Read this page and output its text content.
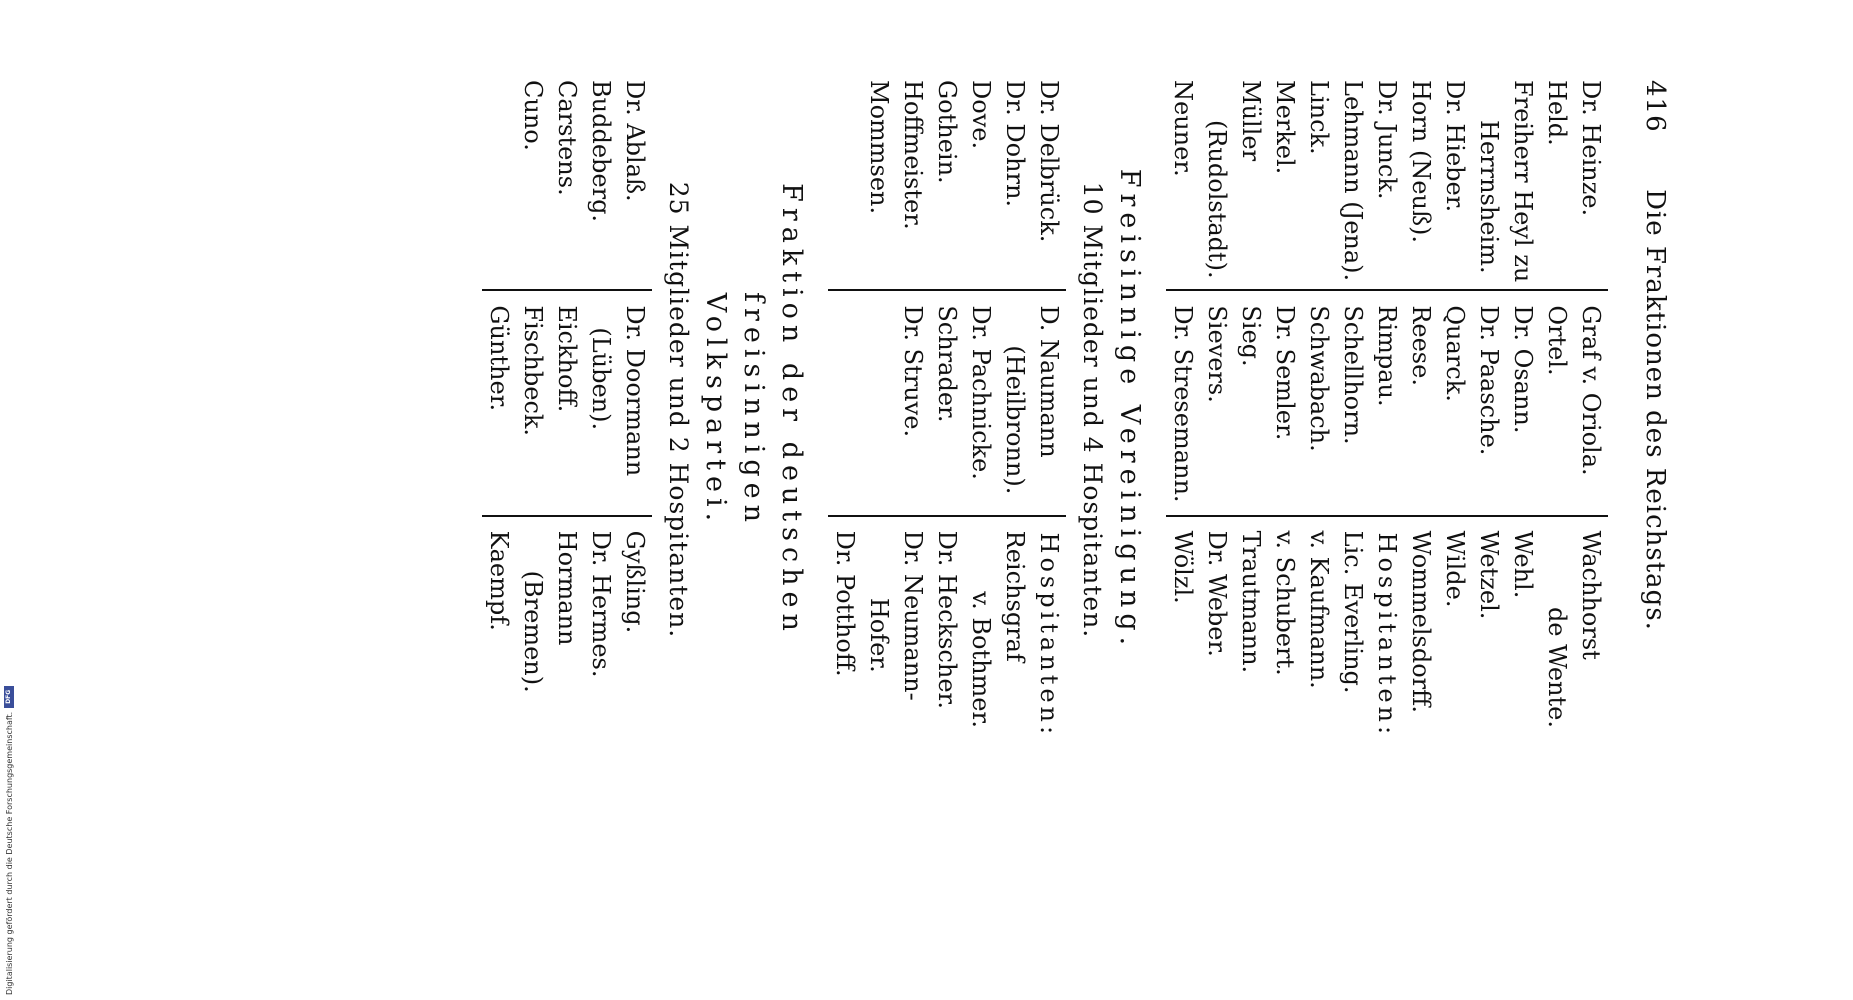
416
Die Fraktionen des Reichstags.
Dr. Heinze.
Held.
Freiherr Heyl zu
Herrnsheim.
Dr. Hieber.
Horn (Neuß).
Dr. Junck.
Lehmann (Jena).
Linck.
Merkel.
Müller
(Rudolstadt).
Neuner.
Graf v. Oriola.
Ortel.
Dr. Osann.
Dr. Paasche.
Quarck.
Reese.
Rimpau.
Schellhorn.
Schwabach.
Dr. Semler.
Sieg.
Sievers.
Dr. Stresemann.
Wachhorst
de Wente.
Wehl.
Wetzel.
Wilde.
Wommelsdorff.
Hospitanten:
Lic. Everling.
v. Kaufmann.
v. Schubert.
Trautmann.
Dr. Weber.
Wölzl.
Freisinnige Vereinigung.
10 Mitglieder und 4 Hospitanten.
Dr. Delbrück.
Dr. Dohrn.
Dove.
Gothein.
Hoffmeister.
Mommsen.
D. Naumann
(Heilbronn).
Dr. Pachnicke.
Schrader.
Dr. Struve.
Hospitanten:
Reichsgraf
v. Bothmer.
Dr. Heckscher.
Dr. Neumann-
Hofer.
Dr. Potthoff.
Fraktion der deutschen freisinnigen
Volkspartei.
25 Mitglieder und 2 Hospitanten.
Dr. Ablaß.
Buddeberg.
Carstens.
Cuno.
Dr. Doormann
(Lüben).
Eickhoff.
Fischbeck.
Günther.
Gyßling.
Dr. Hermes.
Hormann
(Bremen).
Kaempf.
Digitalisierung gefördert durch die Deutsche Forschungsgemeinschaft.
DFG
